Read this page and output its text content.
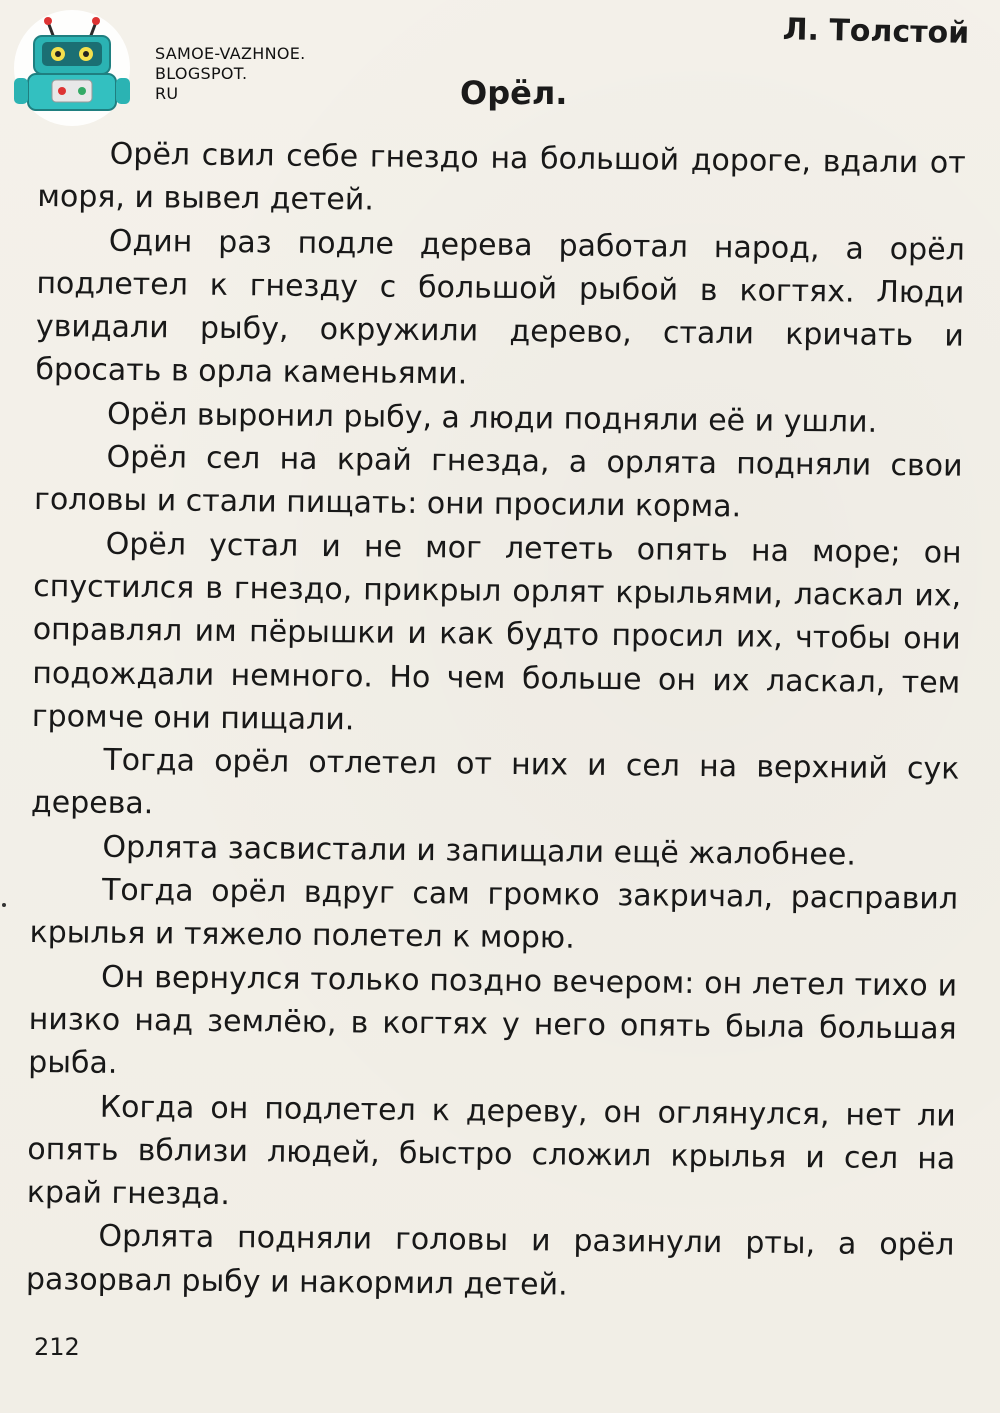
SAMOE-VAZHNOE.
BLOGSPOT.
RU
Л. Толстой
Орёл.

Орёл свил себе гнездо на большой дороге, вдали от моря, и вывел детей.

Один раз подле дерева работал народ, а орёл подлетел к гнезду с большой рыбой в когтях. Люди увидали рыбу, окружили дерево, стали кричать и бросать в орла каменьями.

Орёл выронил рыбу, а люди подняли её и ушли.

Орёл сел на край гнезда, а орлята подняли свои головы и стали пищать: они просили корма.

Орёл устал и не мог лететь опять на море; он спустился в гнездо, прикрыл орлят крыльями, ласкал их, оправлял им пёрышки и как будто просил их, чтобы они подождали немного. Но чем больше он их ласкал, тем громче они пищали.

Тогда орёл отлетел от них и сел на верхний сук дерева.

Орлята засвистали и запищали ещё жалобнее.

Тогда орёл вдруг сам громко закричал, расправил крылья и тяжело полетел к морю.

Он вернулся только поздно вечером: он летел тихо и низко над землёю, в когтях у него опять была большая рыба.

Когда он подлетел к дереву, он оглянулся, нет ли опять вблизи людей, быстро сложил крылья и сел на край гнезда.

Орлята подняли головы и разинули рты, а орёл разорвал рыбу и накормил детей.

212
